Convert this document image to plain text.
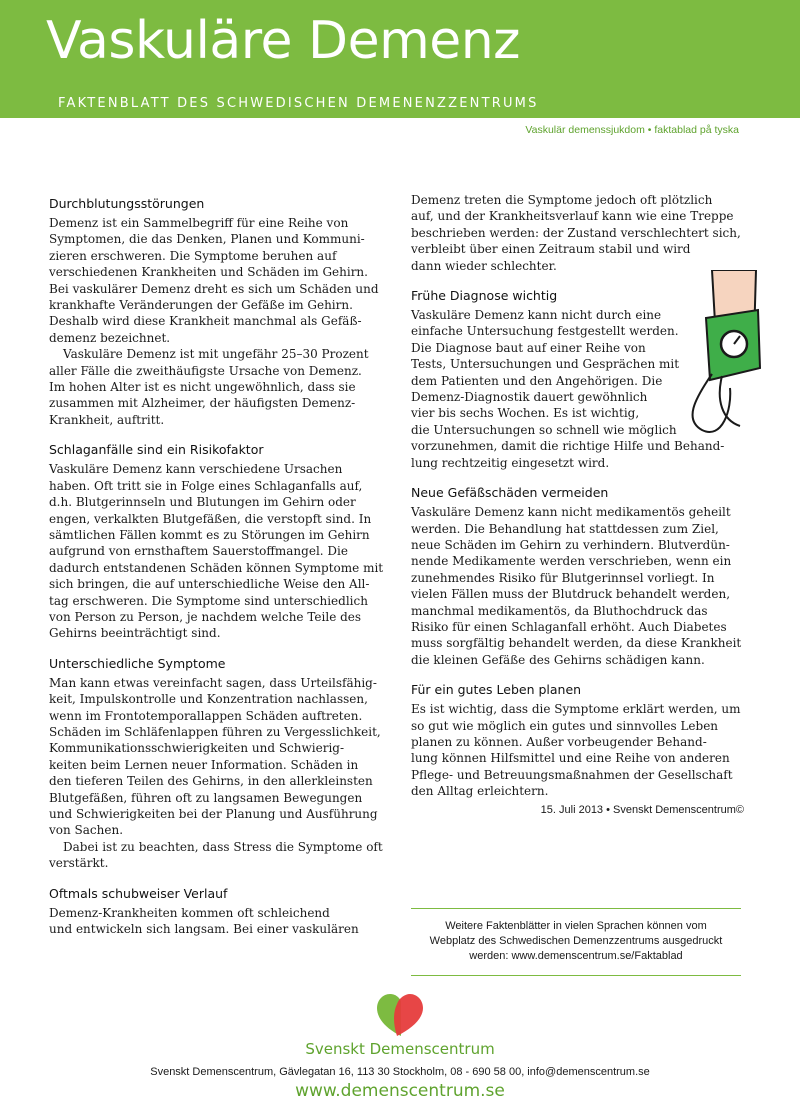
Vaskuläre Demenz
FAKTENBLATT DES SCHWEDISCHEN DEMENENZZENTRUMS
Vaskulär demenssjukdom • faktablad på tyska
Durchblutungsstörungen

Demenz ist ein Sammelbegriff für eine Reihe von
Symptomen, die das Denken, Planen und Kommuni-
zieren erschweren. Die Symptome beruhen auf
verschiedenen Krankheiten und Schäden im Gehirn.
Bei vaskulärer Demenz dreht es sich um Schäden und
krankhafte Veränderungen der Gefäße im Gehirn.
Deshalb wird diese Krankheit manchmal als Gefäß-
demenz bezeichnet.

Vaskuläre Demenz ist mit ungefähr 25–30 Prozent
aller Fälle die zweithäufigste Ursache von Demenz.
Im hohen Alter ist es nicht ungewöhnlich, dass sie
zusammen mit Alzheimer, der häufigsten Demenz-
Krankheit, auftritt.

Schlaganfälle sind ein Risikofaktor

Vaskuläre Demenz kann verschiedene Ursachen
haben. Oft tritt sie in Folge eines Schlaganfalls auf,
d.h. Blutgerinnseln und Blutungen im Gehirn oder
engen, verkalkten Blutgefäßen, die verstopft sind. In
sämtlichen Fällen kommt es zu Störungen im Gehirn
aufgrund von ernsthaftem Sauerstoffmangel. Die
dadurch entstandenen Schäden können Symptome mit
sich bringen, die auf unterschiedliche Weise den All-
tag erschweren. Die Symptome sind unterschiedlich
von Person zu Person, je nachdem welche Teile des
Gehirns beeinträchtigt sind.

Unterschiedliche Symptome

Man kann etwas vereinfacht sagen, dass Urteilsfähig-
keit, Impulskontrolle und Konzentration nachlassen,
wenn im Frontotemporallappen Schäden auftreten.
Schäden im Schläfenlappen führen zu Vergesslichkeit,
Kommunikationsschwierigkeiten und Schwierig-
keiten beim Lernen neuer Information. Schäden in
den tieferen Teilen des Gehirns, in den allerkleinsten
Blutgefäßen, führen oft zu langsamen Bewegungen
und Schwierigkeiten bei der Planung und Ausführung
von Sachen.

Dabei ist zu beachten, dass Stress die Symptome oft
verstärkt.

Oftmals schubweiser Verlauf

Demenz-Krankheiten kommen oft schleichend
und entwickeln sich langsam. Bei einer vaskulären

Demenz treten die Symptome jedoch oft plötzlich
auf, und der Krankheitsverlauf kann wie eine Treppe
beschrieben werden: der Zustand verschlechtert sich,
verbleibt über einen Zeitraum stabil und wird
dann wieder schlechter.

Frühe Diagnose wichtig

Vaskuläre Demenz kann nicht durch eine
einfache Untersuchung festgestellt werden.
Die Diagnose baut auf einer Reihe von
Tests, Untersuchungen und Gesprächen mit
dem Patienten und den Angehörigen. Die
Demenz-Diagnostik dauert gewöhnlich
vier bis sechs Wochen. Es ist wichtig,
die Untersuchungen so schnell wie möglich
vorzunehmen, damit die richtige Hilfe und Behand-
lung rechtzeitig eingesetzt wird.

Neue Gefäßschäden vermeiden

Vaskuläre Demenz kann nicht medikamentös geheilt
werden. Die Behandlung hat stattdessen zum Ziel,
neue Schäden im Gehirn zu verhindern. Blutverdün-
nende Medikamente werden verschrieben, wenn ein
zunehmendes Risiko für Blutgerinnsel vorliegt. In
vielen Fällen muss der Blutdruck behandelt werden,
manchmal medikamentös, da Bluthochdruck das
Risiko für einen Schlaganfall erhöht. Auch Diabetes
muss sorgfältig behandelt werden, da diese Krankheit
die kleinen Gefäße des Gehirns schädigen kann.

Für ein gutes Leben planen

Es ist wichtig, dass die Symptome erklärt werden, um
so gut wie möglich ein gutes und sinnvolles Leben
planen zu können. Außer vorbeugender Behand-
lung können Hilfsmittel und eine Reihe von anderen
Pflege- und Betreuungsmaßnahmen der Gesellschaft
den Alltag erleichtern.

15. Juli 2013 • Svenskt Demenscentrum©

Weitere Faktenblätter in vielen Sprachen können vom
Webplatz des Schwedischen Demenzzentrums ausgedruckt
werden: www.demenscentrum.se/Faktablad

Svenskt Demenscentrum
Svenskt Demenscentrum, Gävlegatan 16, 113 30 Stockholm, 08 - 690 58 00, info@demenscentrum.se
www.demenscentrum.se
